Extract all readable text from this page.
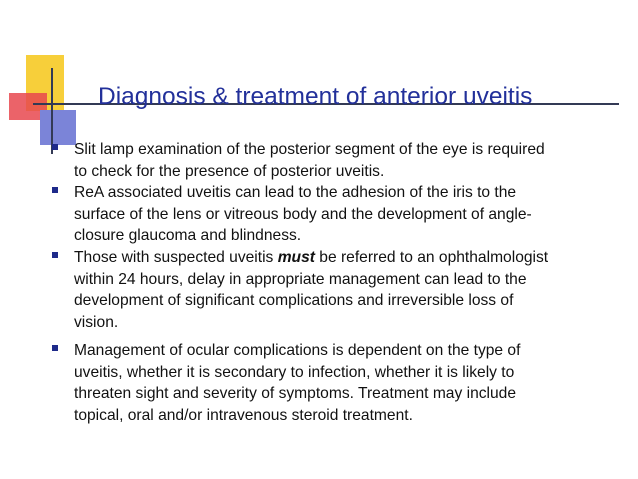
Diagnosis & treatment of anterior uveitis
Slit lamp examination of the posterior segment of the eye is required
to check for the presence of posterior uveitis.
ReA associated uveitis can lead to the adhesion of the iris to the
surface of the lens or vitreous body and the development of angle-
closure glaucoma and blindness.
Those with suspected uveitis must be referred to an ophthalmologist
within 24 hours, delay in appropriate management can lead to the
development of significant complications and irreversible loss of
vision.
Management of ocular complications is dependent on the type of
uveitis, whether it is secondary to infection, whether it is likely to
threaten sight and severity of symptoms. Treatment may include
topical, oral and/or intravenous steroid treatment.
